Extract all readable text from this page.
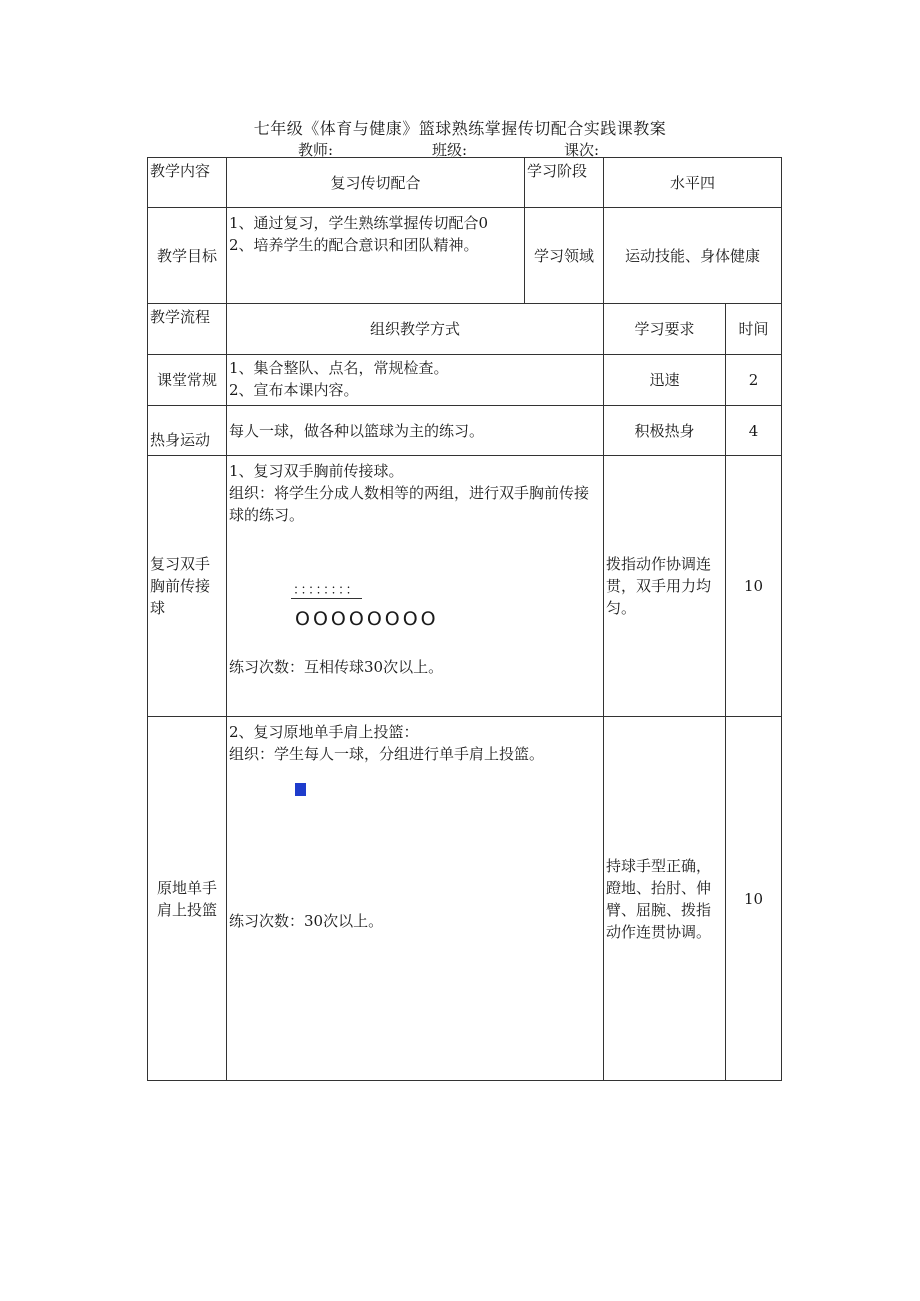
七年级《体育与健康》篮球熟练掌握传切配合实践课教案
教师:	班级:	课次:
教学内容	复习传切配合	学习阶段	水平四	
教学目标	1、通过复习，学生熟练掌握传切配合0
2、培养学生的配合意识和团队精神。	学习领域	运动技能、身体健康	
教学流程	组织教学方式		学习要求	时间
课堂常规	1、集合整队、点名，常规检查。
2、宣布本课内容。		迅速	2
热身运动	每人一球，做各种以篮球为主的练习。		积极热身	4
复习双手胸前传接球	1、复习双手胸前传接球。
组织：将学生分成人数相等的两组，进行双手胸前传接球的练习。
：：：：：：：：
OOOOOOOO
练习次数：互相传球30次以上。		拨指动作协调连贯，双手用力均匀。	10
原地单手肩上投篮	2、复习原地单手肩上投篮：
组织：学生每人一球，分组进行单手肩上投篮。
练习次数：30次以上。		持球手型正确，蹬地、抬肘、伸臂、屈腕、拨指动作连贯协调。	10
